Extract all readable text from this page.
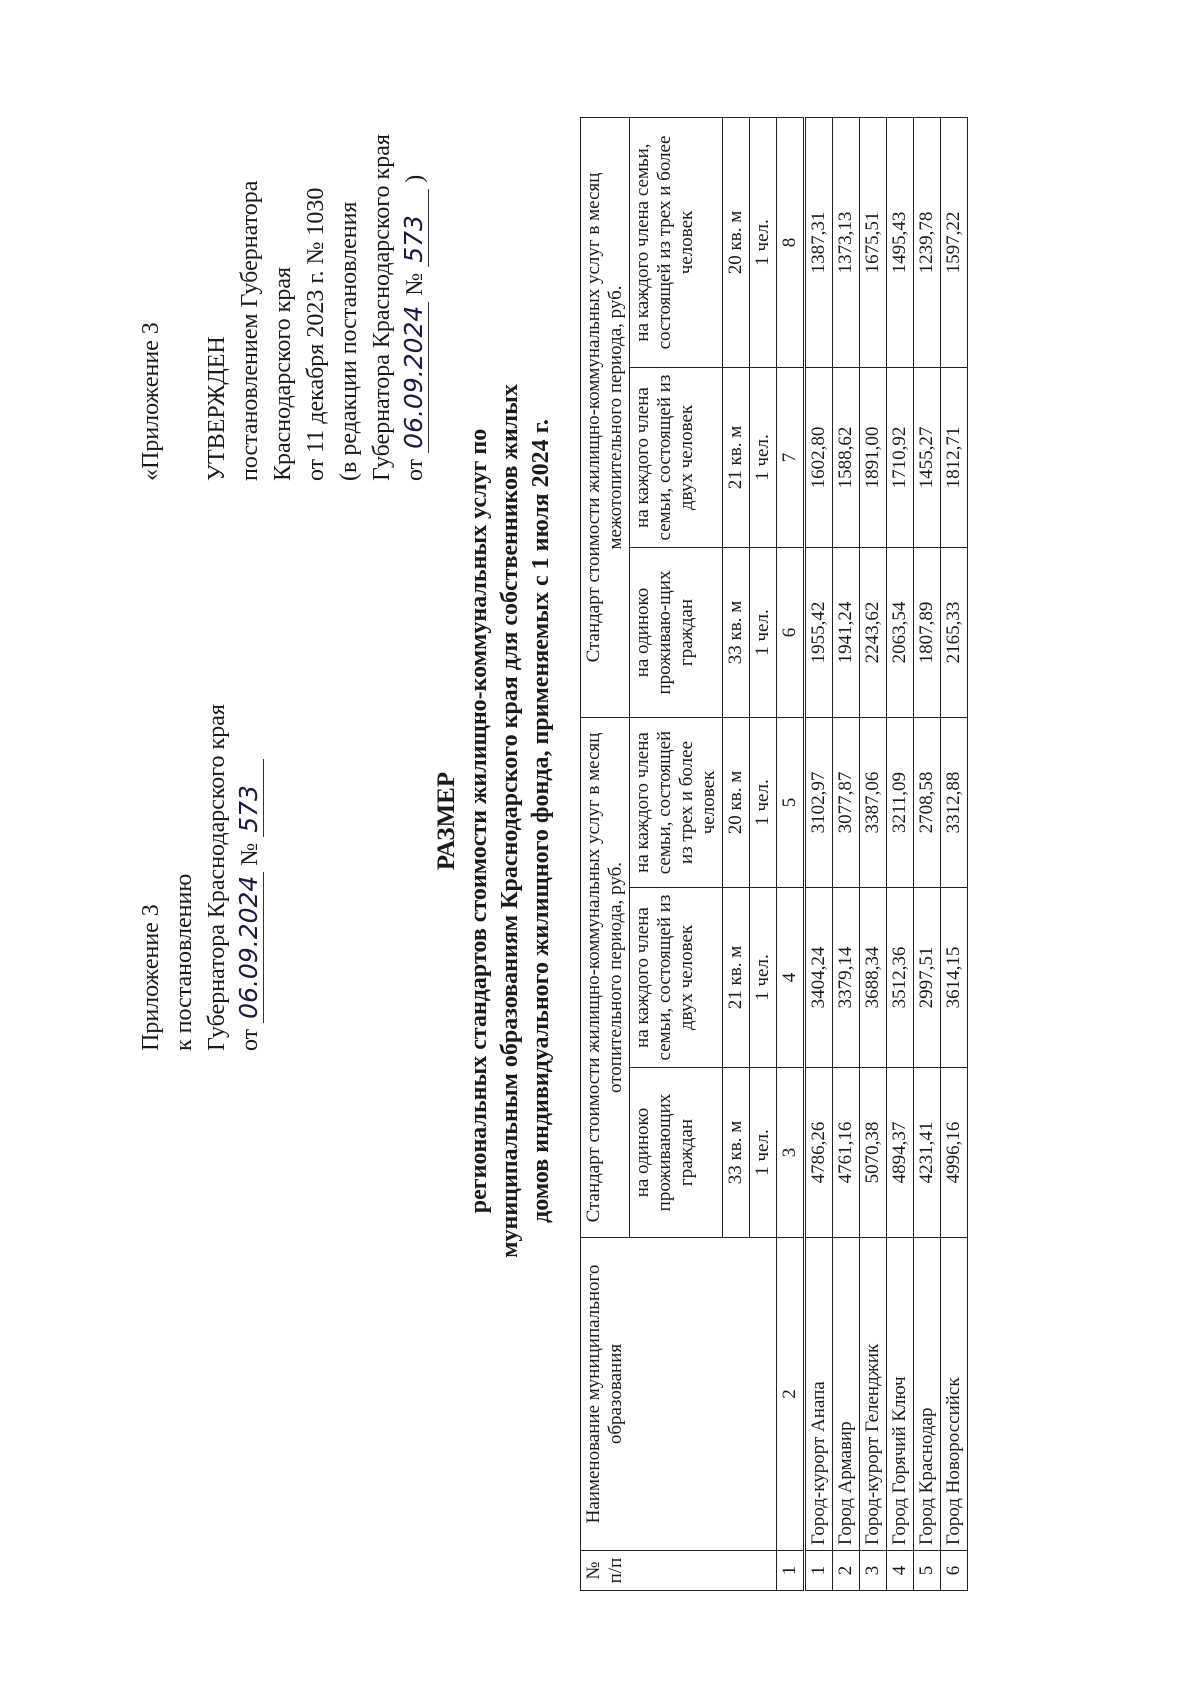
Приложение 3 к постановлению Губернатора Краснодарского края от 06.09.2024 № 573
«Приложение 3 УТВЕРЖДЕН постановлением Губернатора Краснодарского края от 11 декабря 2023 г. № 1030 (в редакции постановления Губернатора Краснодарского края от 06.09.2024 № 573 )
РАЗМЕР региональных стандартов стоимости жилищно-коммунальных услуг по муниципальным образованиям Краснодарского края для собственников жилых домов индивидуального жилищного фонда, применяемых с 1 июля 2024 г.
№ п/п	Наименование муниципального образования	Стандарт стоимости жилищно-коммунальных услуг в месяц отопительного периода, руб.			Стандарт стоимости жилищно-коммунальных услуг в месяц межотопительного периода, руб.		
		на одиноко проживающих граждан	на каждого члена семьи, состоящей из двух человек	на каждого члена семьи, состоящей из трех и более человек	на одиноко проживаю-щих граждан	на каждого члена семьи, состоящей из двух человек	на каждого члена семьи, состоящей из трех и более человек
		33 кв. м	21 кв. м	20 кв. м	33 кв. м	21 кв. м	20 кв. м
		1 чел.	1 чел.	1 чел.	1 чел.	1 чел.	1 чел.
1	2	3	4	5	6	7	8
1	Город-курорт Анапа	4786,26	3404,24	3102,97	1955,42	1602,80	1387,31
2	Город Армавир	4761,16	3379,14	3077,87	1941,24	1588,62	1373,13
3	Город-курорт Геленджик	5070,38	3688,34	3387,06	2243,62	1891,00	1675,51
4	Город Горячий Ключ	4894,37	3512,36	3211,09	2063,54	1710,92	1495,43
5	Город Краснодар	4231,41	2997,51	2708,58	1807,89	1455,27	1239,78
6	Город Новороссийск	4996,16	3614,15	3312,88	2165,33	1812,71	1597,22
